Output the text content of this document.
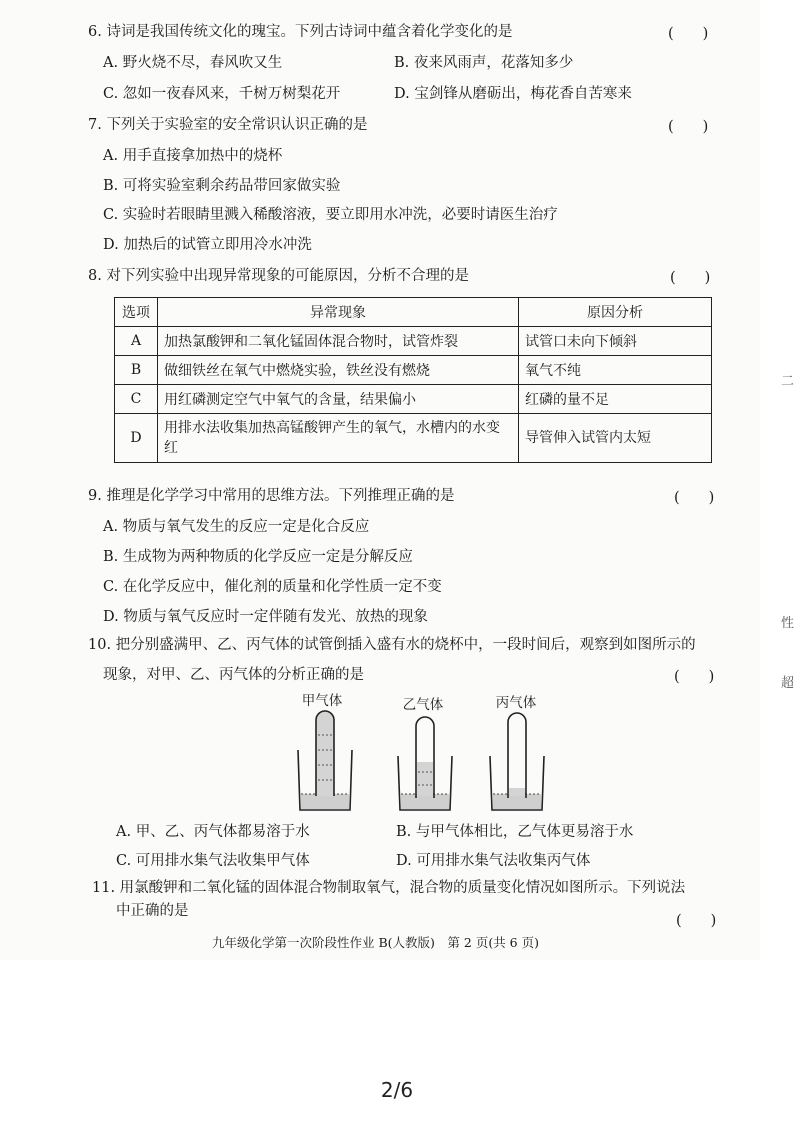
6. 诗词是我国传统文化的瑰宝。下列古诗词中蕴含着化学变化的是	(　　)
A. 野火烧不尽，春风吹又生	B. 夜来风雨声，花落知多少
C. 忽如一夜春风来，千树万树梨花开	D. 宝剑锋从磨砺出，梅花香自苦寒来
7. 下列关于实验室的安全常识认识正确的是	(　　)
A. 用手直接拿加热中的烧杯
B. 可将实验室剩余药品带回家做实验
C. 实验时若眼睛里溅入稀酸溶液，要立即用水冲洗，必要时请医生治疗
D. 加热后的试管立即用冷水冲洗
8. 对下列实验中出现异常现象的可能原因，分析不合理的是	(　　)
选项	异常现象	原因分析
A	加热氯酸钾和二氧化锰固体混合物时，试管炸裂	试管口未向下倾斜
B	做细铁丝在氧气中燃烧实验，铁丝没有燃烧	氧气不纯
C	用红磷测定空气中氧气的含量，结果偏小	红磷的量不足
D	用排水法收集加热高锰酸钾产生的氧气，水槽内的水变红	导管伸入试管内太短
9. 推理是化学学习中常用的思维方法。下列推理正确的是	(　　)
A. 物质与氧气发生的反应一定是化合反应
B. 生成物为两种物质的化学反应一定是分解反应
C. 在化学反应中，催化剂的质量和化学性质一定不变
D. 物质与氧气反应时一定伴随有发光、放热的现象
10. 把分别盛满甲、乙、丙气体的试管倒插入盛有水的烧杯中，一段时间后，观察到如图所示的
现象，对甲、乙、丙气体的分析正确的是	(　　)
甲气体	乙气体	丙气体
A. 甲、乙、丙气体都易溶于水	B. 与甲气体相比，乙气体更易溶于水
C. 可用排水集气法收集甲气体	D. 可用排水集气法收集丙气体
11. 用氯酸钾和二氧化锰的固体混合物制取氧气，混合物的质量变化情况如图所示。下列说法
中正确的是
(　　)
九年级化学第一次阶段性作业 B(人教版)　第 2 页(共 6 页)
二
性
超
2/6
